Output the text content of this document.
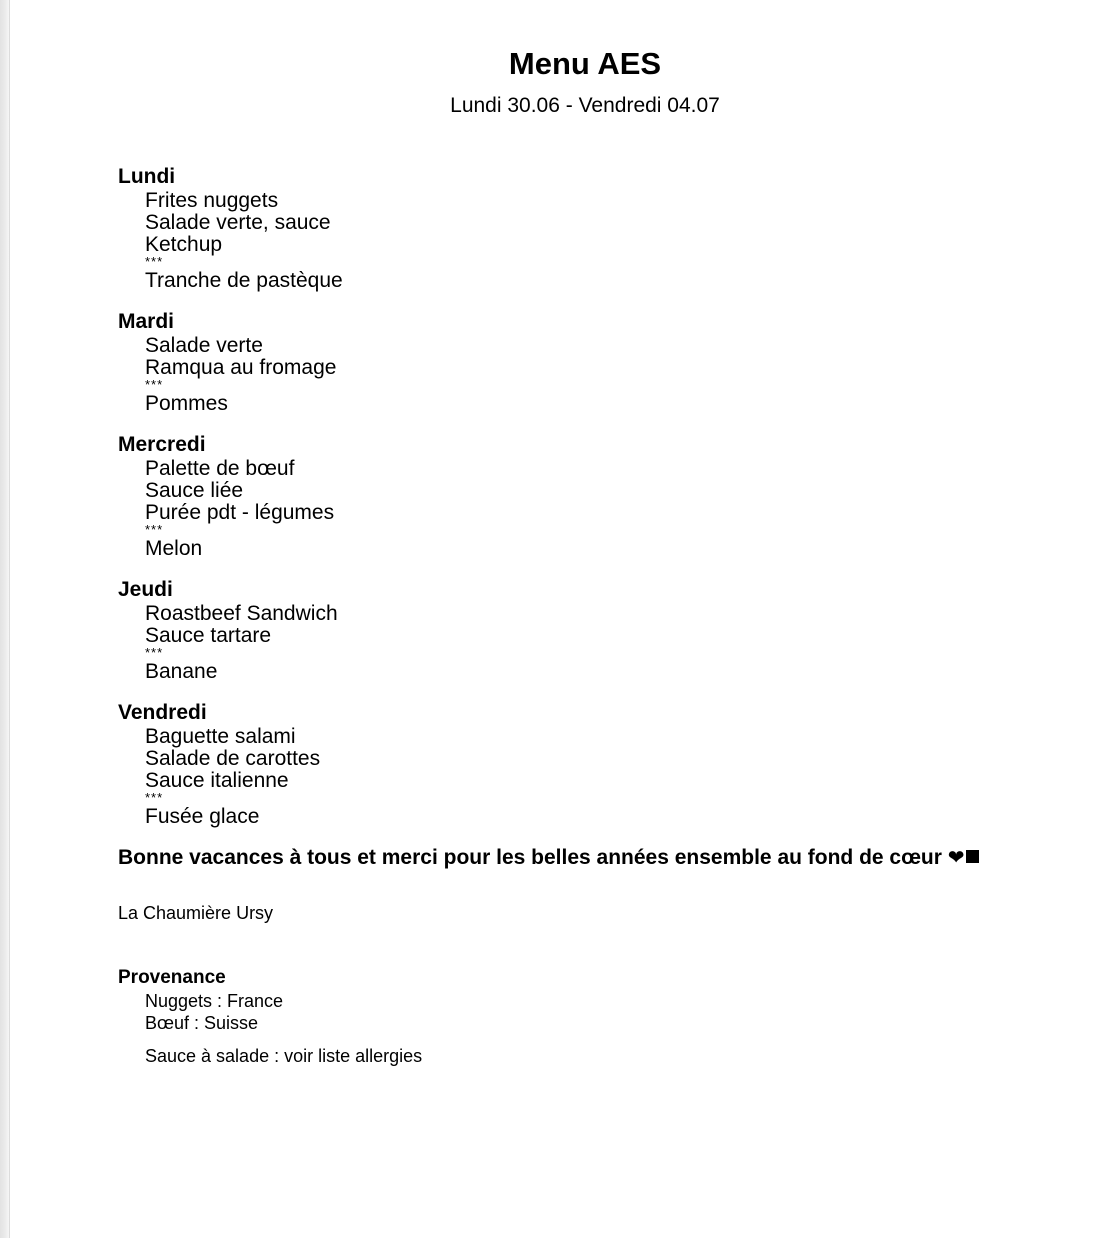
Menu AES
Lundi 30.06 - Vendredi 04.07
Lundi
Frites nuggets
Salade verte, sauce
Ketchup
***
Tranche de pastèque
Mardi
Salade verte
Ramqua au fromage
***
Pommes
Mercredi
Palette de bœuf
Sauce liée
Purée pdt - légumes
***
Melon
Jeudi
Roastbeef Sandwich
Sauce tartare
***
Banane
Vendredi
Baguette salami
Salade de carottes
Sauce italienne
***
Fusée glace
Bonne vacances à tous et merci pour les belles années ensemble au fond de cœur ❤
La Chaumière Ursy
Provenance
Nuggets : France
Bœuf : Suisse
Sauce à salade : voir liste allergies
